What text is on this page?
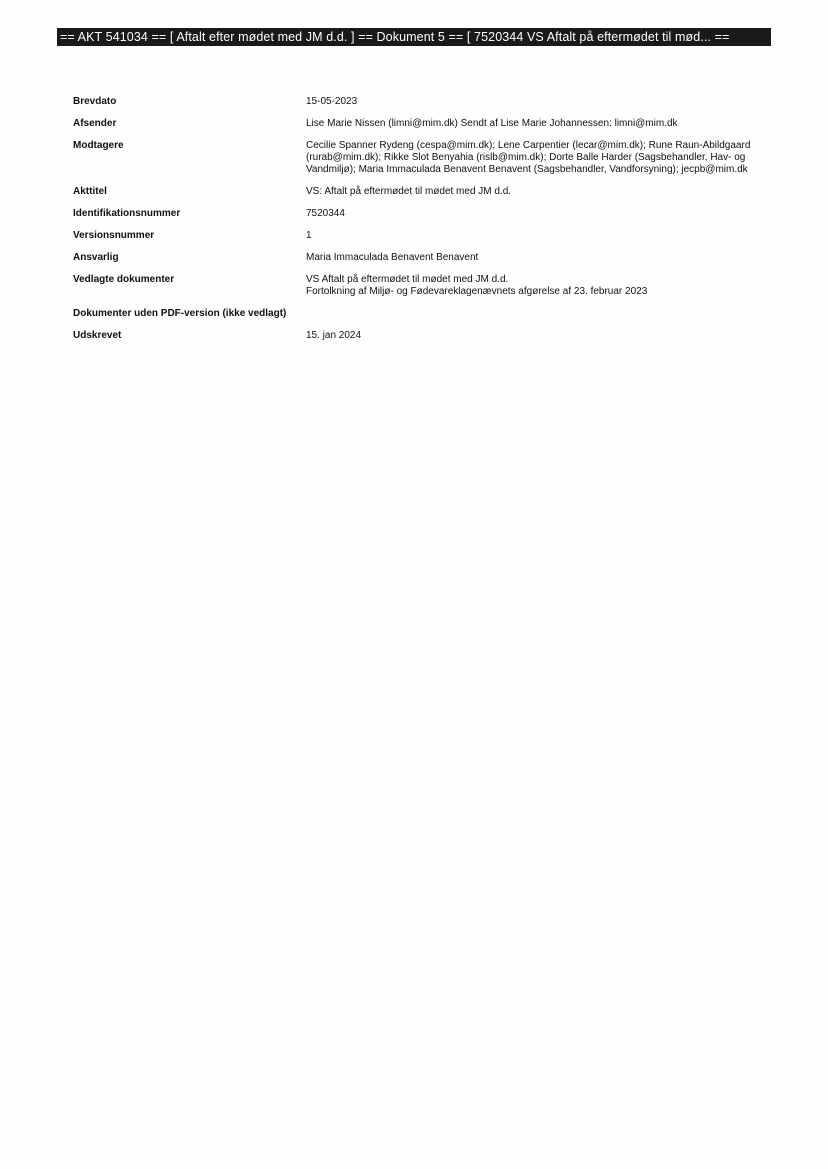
== AKT 541034 == [ Aftalt efter mødet med JM d.d. ] == Dokument 5 == [ 7520344 VS Aftalt på eftermødet til mød... ==
Brevdato	15-05-2023
Afsender	Lise Marie Nissen (limni@mim.dk) Sendt af Lise Marie Johannessen: limni@mim.dk
Modtagere	Cecilie Spanner Rydeng (cespa@mim.dk); Lene Carpentier (lecar@mim.dk); Rune Raun-Abildgaard (rurab@mim.dk); Rikke Slot Benyahia (rislb@mim.dk); Dorte Balle Harder (Sagsbehandler, Hav- og Vandmiljø); Maria Immaculada Benavent Benavent (Sagsbehandler, Vandforsyning); jecpb@mim.dk
Akttitel	VS: Aftalt på eftermødet til mødet med JM d.d.
Identifikationsnummer	7520344
Versionsnummer	1
Ansvarlig	Maria Immaculada Benavent Benavent
Vedlagte dokumenter	VS Aftalt på eftermødet til mødet med JM d.d.
Fortolkning af Miljø- og Fødevareklagenævnets afgørelse af 23. februar 2023
Dokumenter uden PDF-version (ikke vedlagt)
Udskrevet	15. jan 2024
